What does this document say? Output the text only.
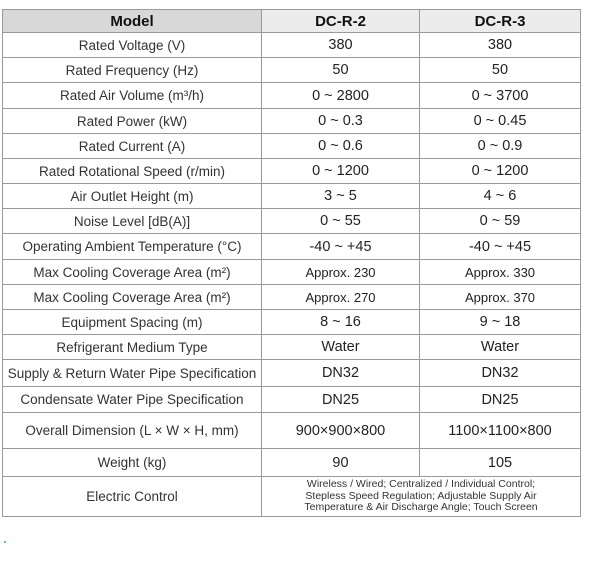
Model	DC-R-2	DC-R-3
Rated Voltage (V)	380	380
Rated Frequency (Hz)	50	50
Rated Air Volume (m³/h)	0 ~ 2800	0 ~ 3700
Rated Power (kW)	0 ~ 0.3	0 ~ 0.45
Rated Current (A)	0 ~ 0.6	0 ~ 0.9
Rated Rotational Speed (r/min)	0 ~ 1200	0 ~ 1200
Air Outlet Height (m)	3 ~ 5	4 ~ 6
Noise Level [dB(A)]	0 ~ 55	0 ~ 59
Operating Ambient Temperature (°C)	-40 ~ +45	-40 ~ +45
Max Cooling Coverage Area (m²)	Approx. 230	Approx. 330
Max Cooling Coverage Area (m²)	Approx. 270	Approx. 370
Equipment Spacing (m)	8 ~ 16	9 ~ 18
Refrigerant Medium Type	Water	Water
Supply & Return Water Pipe Specification	DN32	DN32
Condensate Water Pipe Specification	DN25	DN25
Overall Dimension (L × W × H, mm)	900×900×800	1100×1100×800
Weight (kg)	90	105
Electric Control	Wireless / Wired; Centralized / Individual Control;
Stepless Speed Regulation; Adjustable Supply Air
Temperature & Air Discharge Angle; Touch Screen	
